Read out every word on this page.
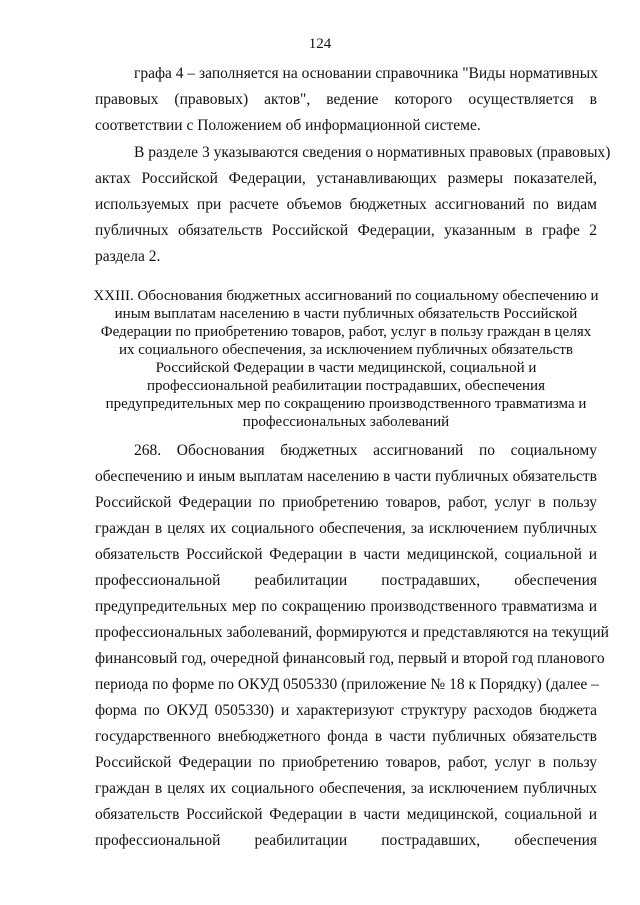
124
графа 4 – заполняется на основании справочника "Виды нормативных
правовых (правовых) актов", ведение которого осуществляется в
соответствии с Положением об информационной системе.
В разделе 3 указываются сведения о нормативных правовых (правовых)
актах Российской Федерации, устанавливающих размеры показателей,
используемых при расчете объемов бюджетных ассигнований по видам
публичных обязательств Российской Федерации, указанным в графе 2
раздела 2.
XXIII. Обоснования бюджетных ассигнований по социальному обеспечению и
иным выплатам населению в части публичных обязательств Российской
Федерации по приобретению товаров, работ, услуг в пользу граждан в целях
их социального обеспечения, за исключением публичных обязательств
Российской Федерации в части медицинской, социальной и
профессиональной реабилитации пострадавших, обеспечения
предупредительных мер по сокращению производственного травматизма и
профессиональных заболеваний
268. Обоснования бюджетных ассигнований по социальному
обеспечению и иным выплатам населению в части публичных обязательств
Российской Федерации по приобретению товаров, работ, услуг в пользу
граждан в целях их социального обеспечения, за исключением публичных
обязательств Российской Федерации в части медицинской, социальной и
профессиональной реабилитации пострадавших, обеспечения
предупредительных мер по сокращению производственного травматизма и
профессиональных заболеваний, формируются и представляются на текущий
финансовый год, очередной финансовый год, первый и второй год планового
периода по форме по ОКУД 0505330 (приложение № 18 к Порядку) (далее –
форма по ОКУД 0505330) и характеризуют структуру расходов бюджета
государственного внебюджетного фонда в части публичных обязательств
Российской Федерации по приобретению товаров, работ, услуг в пользу
граждан в целях их социального обеспечения, за исключением публичных
обязательств Российской Федерации в части медицинской, социальной и
профессиональной реабилитации пострадавших, обеспечения
